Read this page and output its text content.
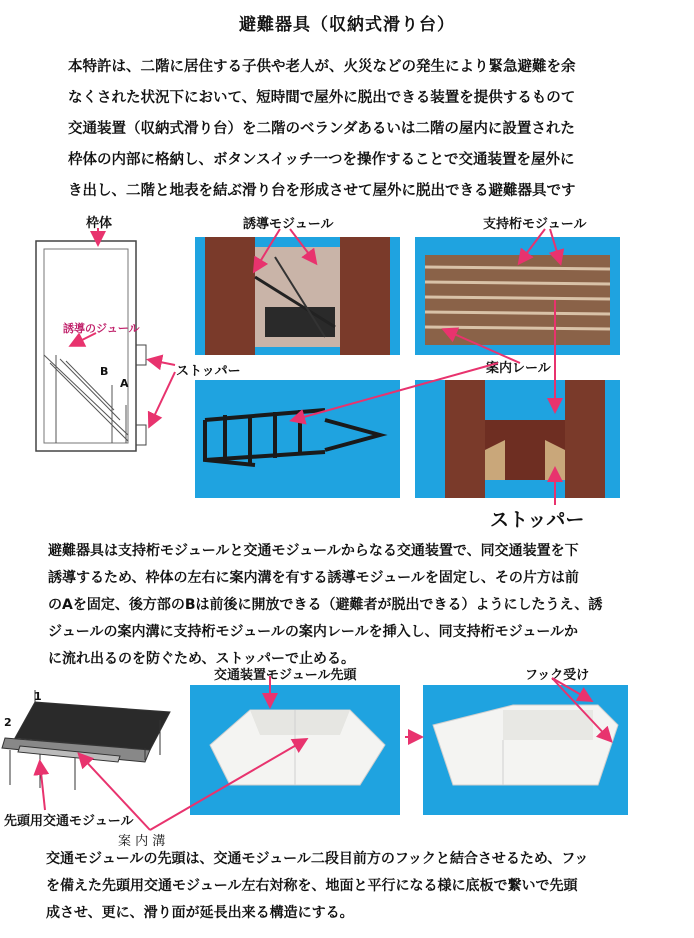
避難器具（収納式滑り台）
本特許は、二階に居住する子供や老人が、火災などの発生により緊急避難を余
なくされた状況下において、短時間で屋外に脱出できる装置を提供するものて
交通装置（収納式滑り台）を二階のベランダあるいは二階の屋内に設置された
枠体の内部に格納し、ボタンスイッチ一つを操作することで交通装置を屋外に
き出し、二階と地表を結ぶ滑り台を形成させて屋外に脱出できる避難器具です
枠体
誘導のジュール
B
A
ストッパー
誘導モジュール	支持桁モジュール
案内レール
ストッパー
避難器具は支持桁モジュールと交通モジュールからなる交通装置で、同交通装置を下
誘導するため、枠体の左右に案内溝を有する誘導モジュールを固定し、その片方は前
のAを固定、後方部のBは前後に開放できる（避難者が脱出できる）ようにしたうえ、誘
ジュールの案内溝に支持桁モジュールの案内レールを挿入し、同支持桁モジュールか
に流れ出るのを防ぐため、ストッパーで止める。
1
2
交通装置モジュール先頭	フック受け
先頭用交通モジュール
案 内 溝
交通モジュールの先頭は、交通モジュール二段目前方のフックと結合させるため、フッ
を備えた先頭用交通モジュール左右対称を、地面と平行になる様に底板で繋いで先頭
成させ、更に、滑り面が延長出来る構造にする。
